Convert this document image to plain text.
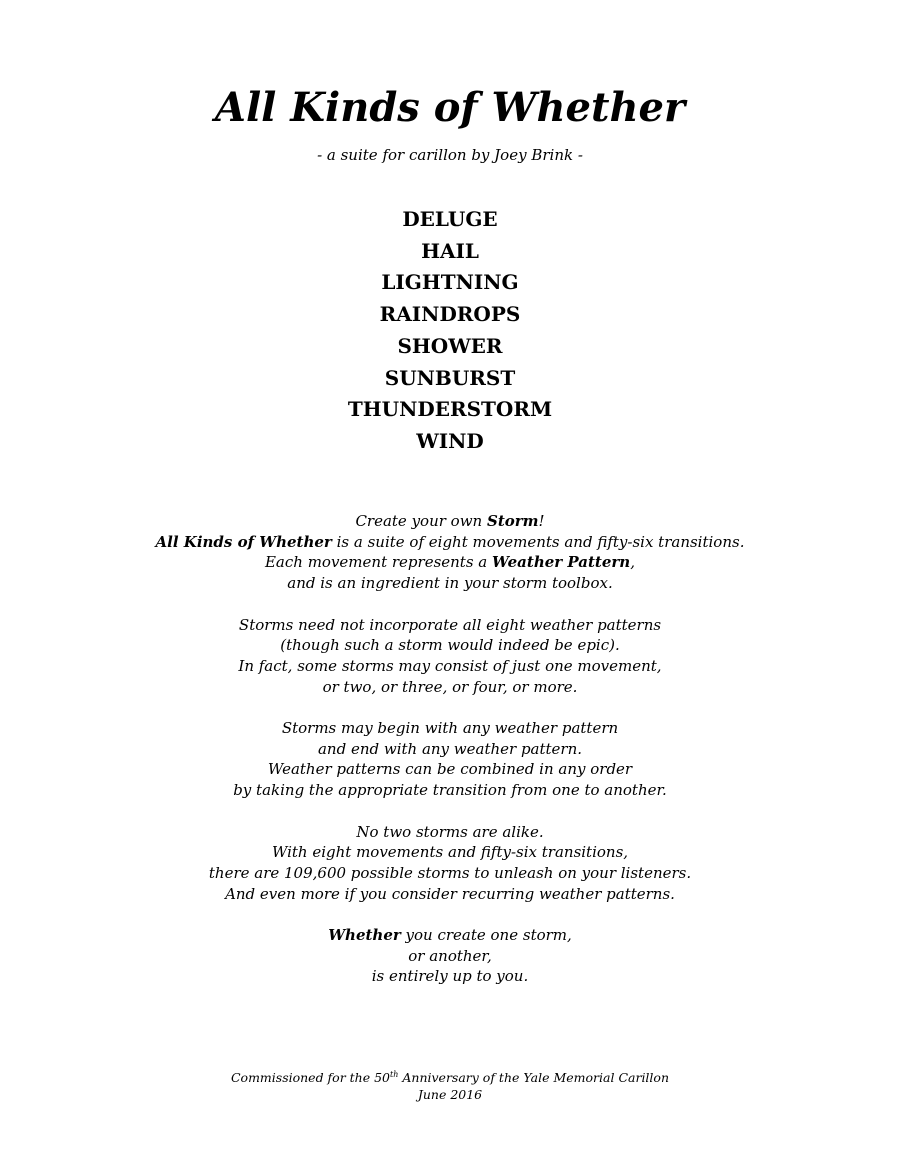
All Kinds of Whether
- a suite for carillon by Joey Brink -
DELUGE
HAIL
LIGHTNING
RAINDROPS
SHOWER
SUNBURST
THUNDERSTORM
WIND

Create your own Storm!
All Kinds of Whether is a suite of eight movements and fifty-six transitions.
Each movement represents a Weather Pattern,
and is an ingredient in your storm toolbox.

Storms need not incorporate all eight weather patterns
(though such a storm would indeed be epic).
In fact, some storms may consist of just one movement,
or two, or three, or four, or more.

Storms may begin with any weather pattern
and end with any weather pattern.
Weather patterns can be combined in any order
by taking the appropriate transition from one to another.

No two storms are alike.
With eight movements and fifty-six transitions,
there are 109,600 possible storms to unleash on your listeners.
And even more if you consider recurring weather patterns.

Whether you create one storm,
or another,
is entirely up to you.

Commissioned for the 50th Anniversary of the Yale Memorial Carillon
June 2016
